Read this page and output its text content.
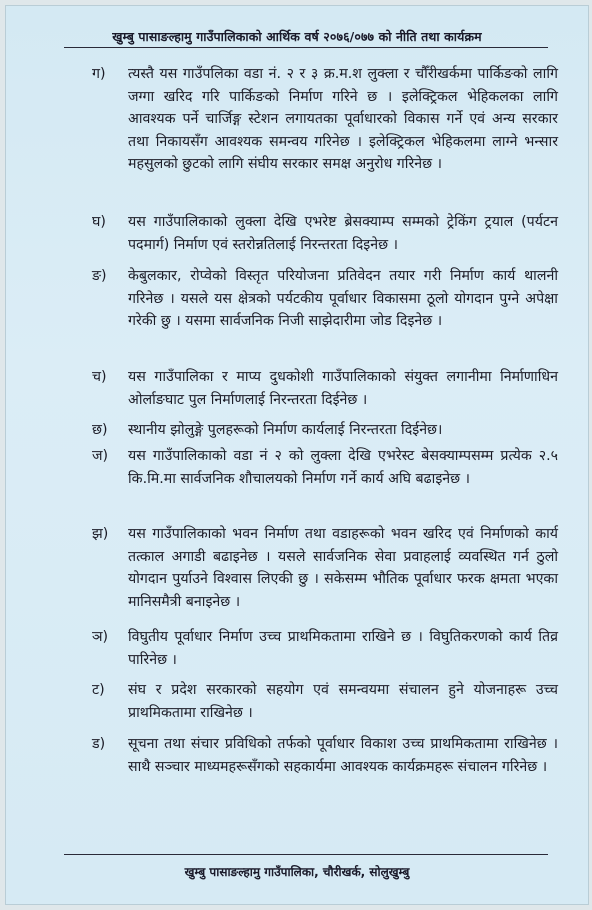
खुम्बु पासाङल्हामु गाउँपालिकाको आर्थिक वर्ष २०७६/०७७ को नीति तथा कार्यक्रम
ग)	त्यस्तै यस गाउँपलिका वडा नं. २ र ३ क्र.म.श लुक्ला र चौँरीखर्कमा पार्किङको लागि जग्गा खरिद गरि पार्किङको निर्माण गरिने छ । इलेक्ट्रिकल भेहिकलका लागि आवश्यक पर्ने चार्जिङ्ग स्टेशन लगायतका पूर्वाधारको विकास गर्ने एवं अन्य सरकार तथा निकायसँग आवश्यक समन्वय गरिनेछ । इलेक्ट्रिकल भेहिकलमा लाग्ने भन्सार महसुलको छुटको लागि संघीय सरकार समक्ष अनुरोध गरिनेछ ।
घ)	यस गाउँपालिकाको लुक्ला देखि एभरेष्ट ब्रेसक्याम्प सम्मको ट्रेकिंग ट्रयाल (पर्यटन पदमार्ग) निर्माण एवं स्तरोन्नतिलाई निरन्तरता दिइनेछ ।
ङ)	केबुलकार, रोप्वेको विस्तृत परियोजना प्रतिवेदन तयार गरी निर्माण कार्य थालनी गरिनेछ । यसले यस क्षेत्रको पर्यटकीय पूर्वाधार विकासमा ठूलो योगदान पुग्ने अपेक्षा गरेकी छु । यसमा सार्वजनिक निजी साझेदारीमा जोड दिइनेछ ।
च)	यस गाउँपालिका र माप्य दुधकोशी गाउँपालिकाको संयुक्त लगानीमा निर्माणाधिन ओर्लाङघाट पुल निर्माणलाई निरन्तरता दिईनेछ ।
छ)	स्थानीय झोलुङ्गे पुलहरूको निर्माण कार्यलाई निरन्तरता दिईनेछ।
ज)	यस गाउँपालिकाको वडा नं २ को लुक्ला देखि एभरेस्ट बेसक्याम्पसम्म प्रत्येक २.५ कि.मि.मा सार्वजनिक शौचालयको निर्माण गर्ने कार्य अघि बढाइनेछ ।
झ)	यस गाउँपालिकाको भवन निर्माण तथा वडाहरूको भवन खरिद एवं निर्माणको कार्य तत्काल अगाडी बढाइनेछ । यसले सार्वजनिक सेवा प्रवाहलाई व्यवस्थित गर्न ठुलो योगदान पुर्याउने विश्वास लिएकी छु । सकेसम्म भौतिक पूर्वाधार फरक क्षमता भएका मानिसमैत्री बनाइनेछ ।
ञ)	विघुतीय पूर्वाधार निर्माण उच्च प्राथमिकतामा राखिने छ । विघुतिकरणको कार्य तिव्र पारिनेछ ।
ट)	संघ र प्रदेश सरकारको सहयोग एवं समन्वयमा संचालन हुने योजनाहरू उच्च प्राथमिकतामा राखिनेछ ।
ड)	सूचना तथा संचार प्रविधिको तर्फको पूर्वाधार विकाश उच्च प्राथमिकतामा राखिनेछ । साथै सञ्चार माध्यमहरूसँगको सहकार्यमा आवश्यक कार्यक्रमहरू संचालन गरिनेछ ।
खुम्बु पासाङल्हामु गाउँपालिका, चौरीखर्क, सोलुखुम्बु
